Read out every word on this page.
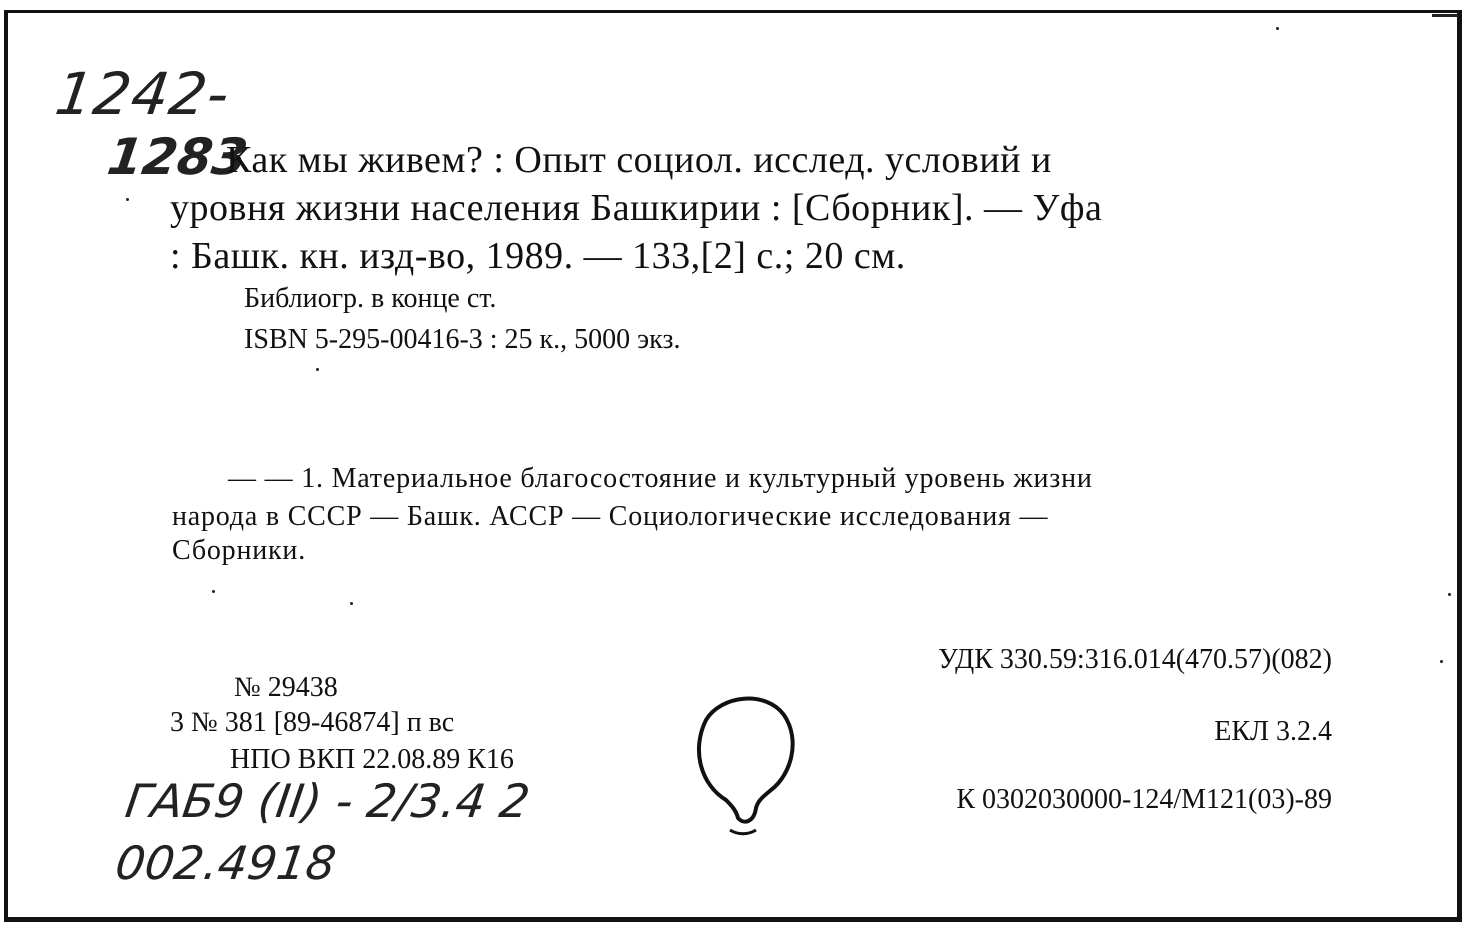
1242-
1283
Как мы живем? : Опыт социол. исслед. условий и
уровня жизни населения Башкирии : [Сборник]. — Уфа
: Башк. кн. изд-во, 1989. — 133,[2] с.; 20 см.
Библиогр. в конце ст.
ISBN 5-295-00416-3 : 25 к., 5000 экз.
— — 1. Материальное благосостояние и культурный уровень жизни
народа в СССР — Башк. АССР — Социологические исследования —
Сборники.
УДК 330.59:316.014(470.57)(082)
ЕКЛ 3.2.4
К 0302030000-124/М121(03)-89
№ 29438
3 № 381 [89-46874] п вс
НПО ВКП 22.08.89 К16
ГАБ9 (II) - 2/3.4 2
002.4918
